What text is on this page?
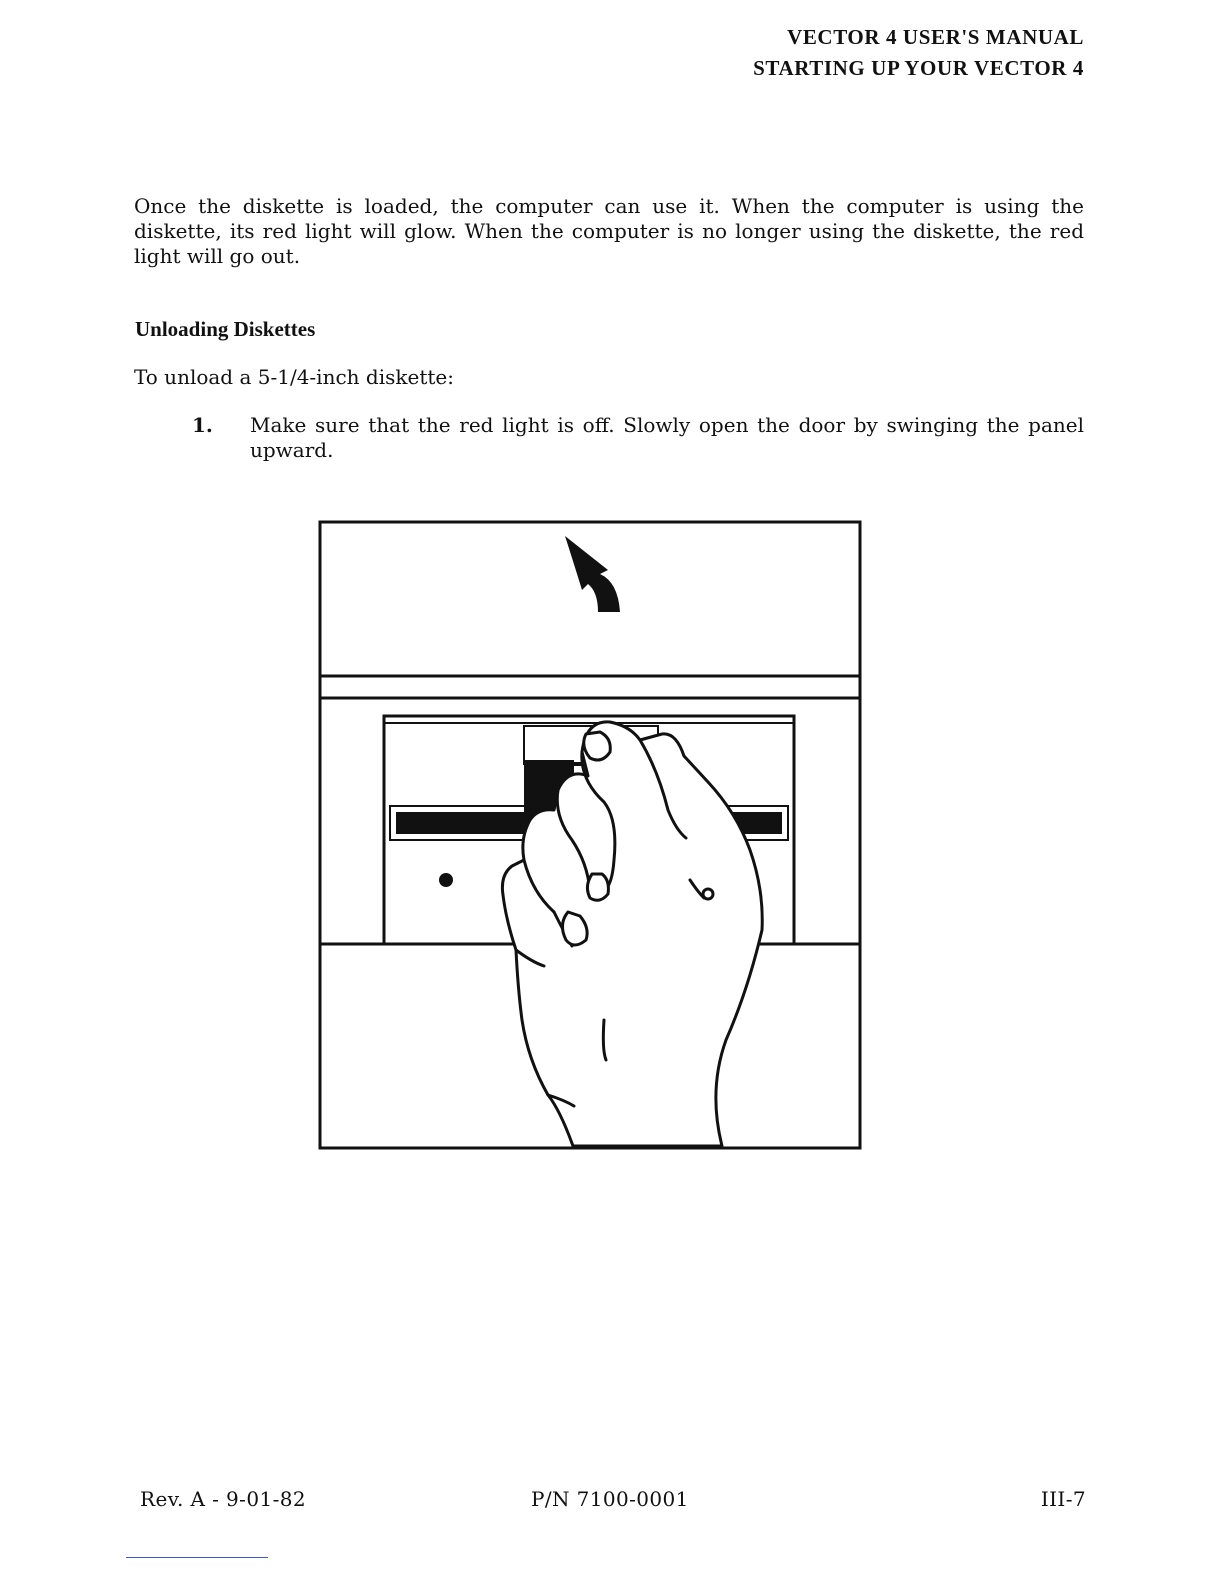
VECTOR 4 USER'S MANUAL
STARTING UP YOUR VECTOR 4

Once the diskette is loaded, the computer can use it. When the computer is using the diskette, its red light will glow. When the computer is no longer using the diskette, the red light will go out.

Unloading Diskettes
To unload a 5-1/4-inch diskette:
1. Make sure that the red light is off. Slowly open the door by swinging the panel upward.
Rev. A - 9-01-82	P/N 7100-0001	III-7
